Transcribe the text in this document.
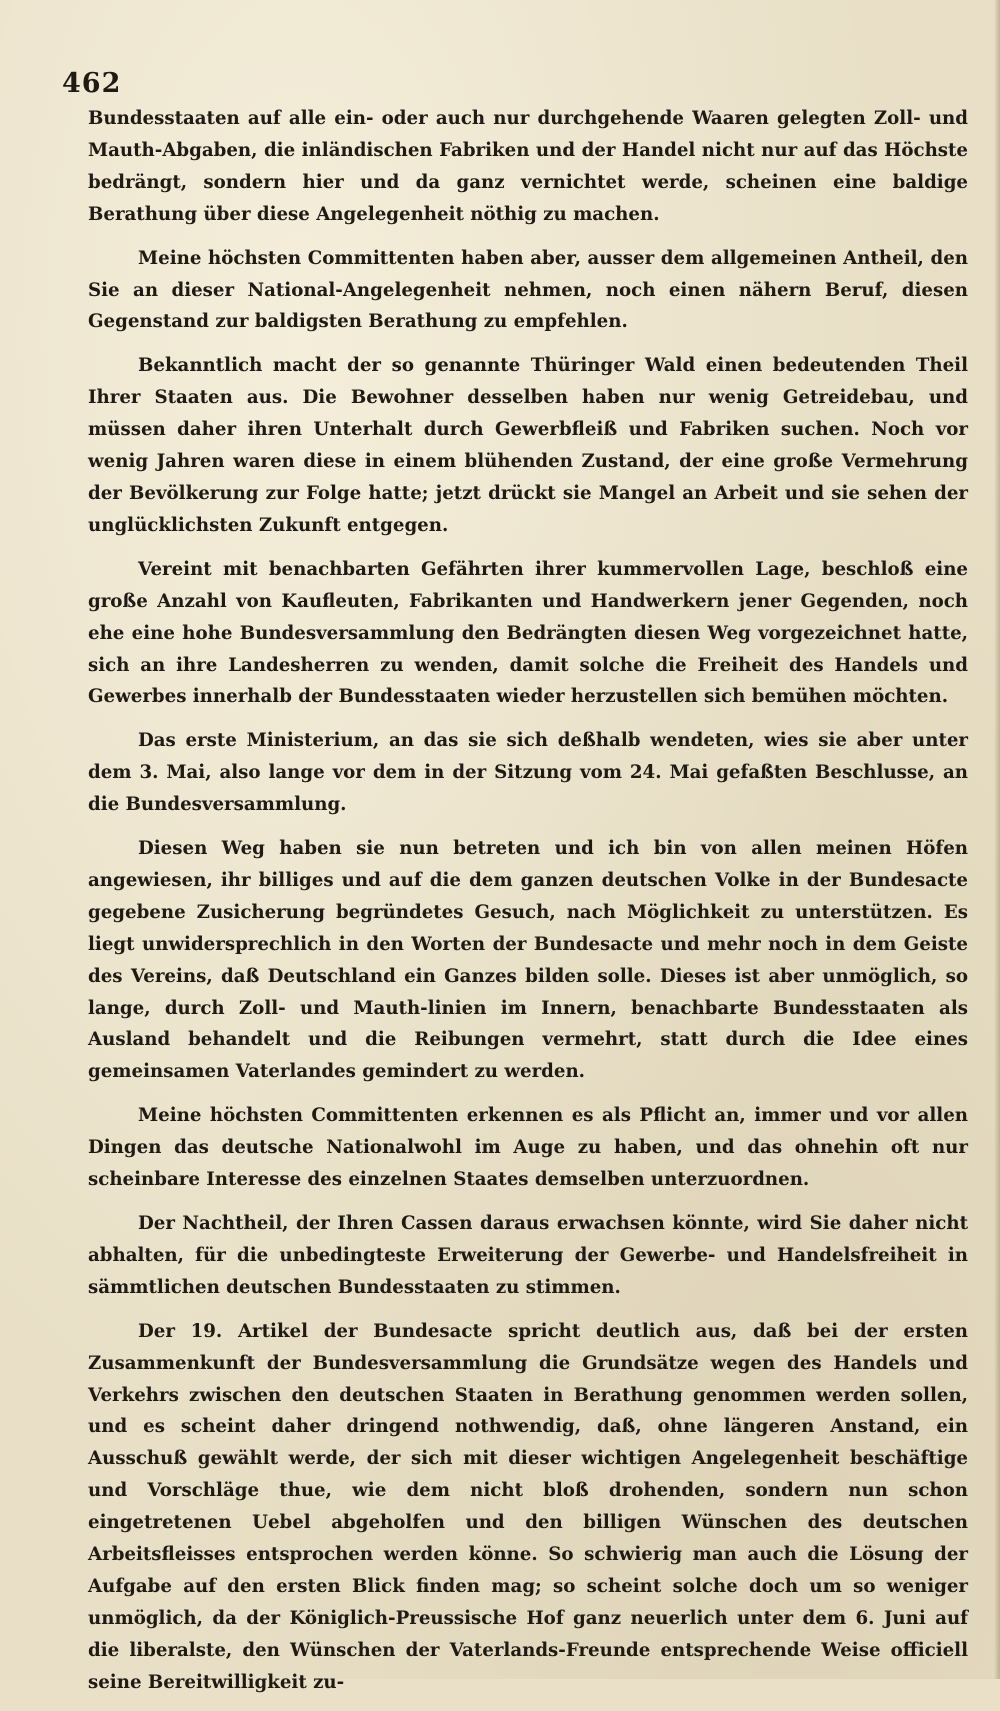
462

Bundesstaaten auf alle ein- oder auch nur durchgehende Waaren gelegten Zoll- und Mauth-Abgaben, die inländischen Fabriken und der Handel nicht nur auf das Höchste bedrängt, sondern hier und da ganz vernichtet werde, scheinen eine baldige Berathung über diese Angelegenheit nöthig zu machen.

Meine höchsten Committenten haben aber, ausser dem allgemeinen Antheil, den Sie an dieser National-Angelegenheit nehmen, noch einen nähern Beruf, diesen Gegenstand zur baldigsten Berathung zu empfehlen.

Bekanntlich macht der so genannte Thüringer Wald einen bedeutenden Theil Ihrer Staaten aus. Die Bewohner desselben haben nur wenig Getreidebau, und müssen daher ihren Unterhalt durch Gewerbfleiß und Fabriken suchen. Noch vor wenig Jahren waren diese in einem blühenden Zustand, der eine große Vermehrung der Bevölkerung zur Folge hatte; jetzt drückt sie Mangel an Arbeit und sie sehen der unglücklichsten Zukunft entgegen.

Vereint mit benachbarten Gefährten ihrer kummervollen Lage, beschloß eine große Anzahl von Kaufleuten, Fabrikanten und Handwerkern jener Gegenden, noch ehe eine hohe Bundesversammlung den Bedrängten diesen Weg vorgezeichnet hatte, sich an ihre Landesherren zu wenden, damit solche die Freiheit des Handels und Gewerbes innerhalb der Bundesstaaten wieder herzustellen sich bemühen möchten.

Das erste Ministerium, an das sie sich deßhalb wendeten, wies sie aber unter dem 3. Mai, also lange vor dem in der Sitzung vom 24. Mai gefaßten Beschlusse, an die Bundesversammlung.

Diesen Weg haben sie nun betreten und ich bin von allen meinen Höfen angewiesen, ihr billiges und auf die dem ganzen deutschen Volke in der Bundesacte gegebene Zusicherung begründetes Gesuch, nach Möglichkeit zu unterstützen. Es liegt unwidersprechlich in den Worten der Bundesacte und mehr noch in dem Geiste des Vereins, daß Deutschland ein Ganzes bilden solle. Dieses ist aber unmöglich, so lange, durch Zoll- und Mauth-linien im Innern, benachbarte Bundesstaaten als Ausland behandelt und die Reibungen vermehrt, statt durch die Idee eines gemeinsamen Vaterlandes gemindert zu werden.

Meine höchsten Committenten erkennen es als Pflicht an, immer und vor allen Dingen das deutsche Nationalwohl im Auge zu haben, und das ohnehin oft nur scheinbare Interesse des einzelnen Staates demselben unterzuordnen.

Der Nachtheil, der Ihren Cassen daraus erwachsen könnte, wird Sie daher nicht abhalten, für die unbedingteste Erweiterung der Gewerbe- und Handelsfreiheit in sämmtlichen deutschen Bundesstaaten zu stimmen.

Der 19. Artikel der Bundesacte spricht deutlich aus, daß bei der ersten Zusammenkunft der Bundesversammlung die Grundsätze wegen des Handels und Verkehrs zwischen den deutschen Staaten in Berathung genommen werden sollen, und es scheint daher dringend nothwendig, daß, ohne längeren Anstand, ein Ausschuß gewählt werde, der sich mit dieser wichtigen Angelegenheit beschäftige und Vorschläge thue, wie dem nicht bloß drohenden, sondern nun schon eingetretenen Uebel abgeholfen und den billigen Wünschen des deutschen Arbeitsfleisses entsprochen werden könne. So schwierig man auch die Lösung der Aufgabe auf den ersten Blick finden mag; so scheint solche doch um so weniger unmöglich, da der Königlich-Preussische Hof ganz neuerlich unter dem 6. Juni auf die liberalste, den Wünschen der Vaterlands-Freunde entsprechende Weise officiell seine Bereitwilligkeit zu-
